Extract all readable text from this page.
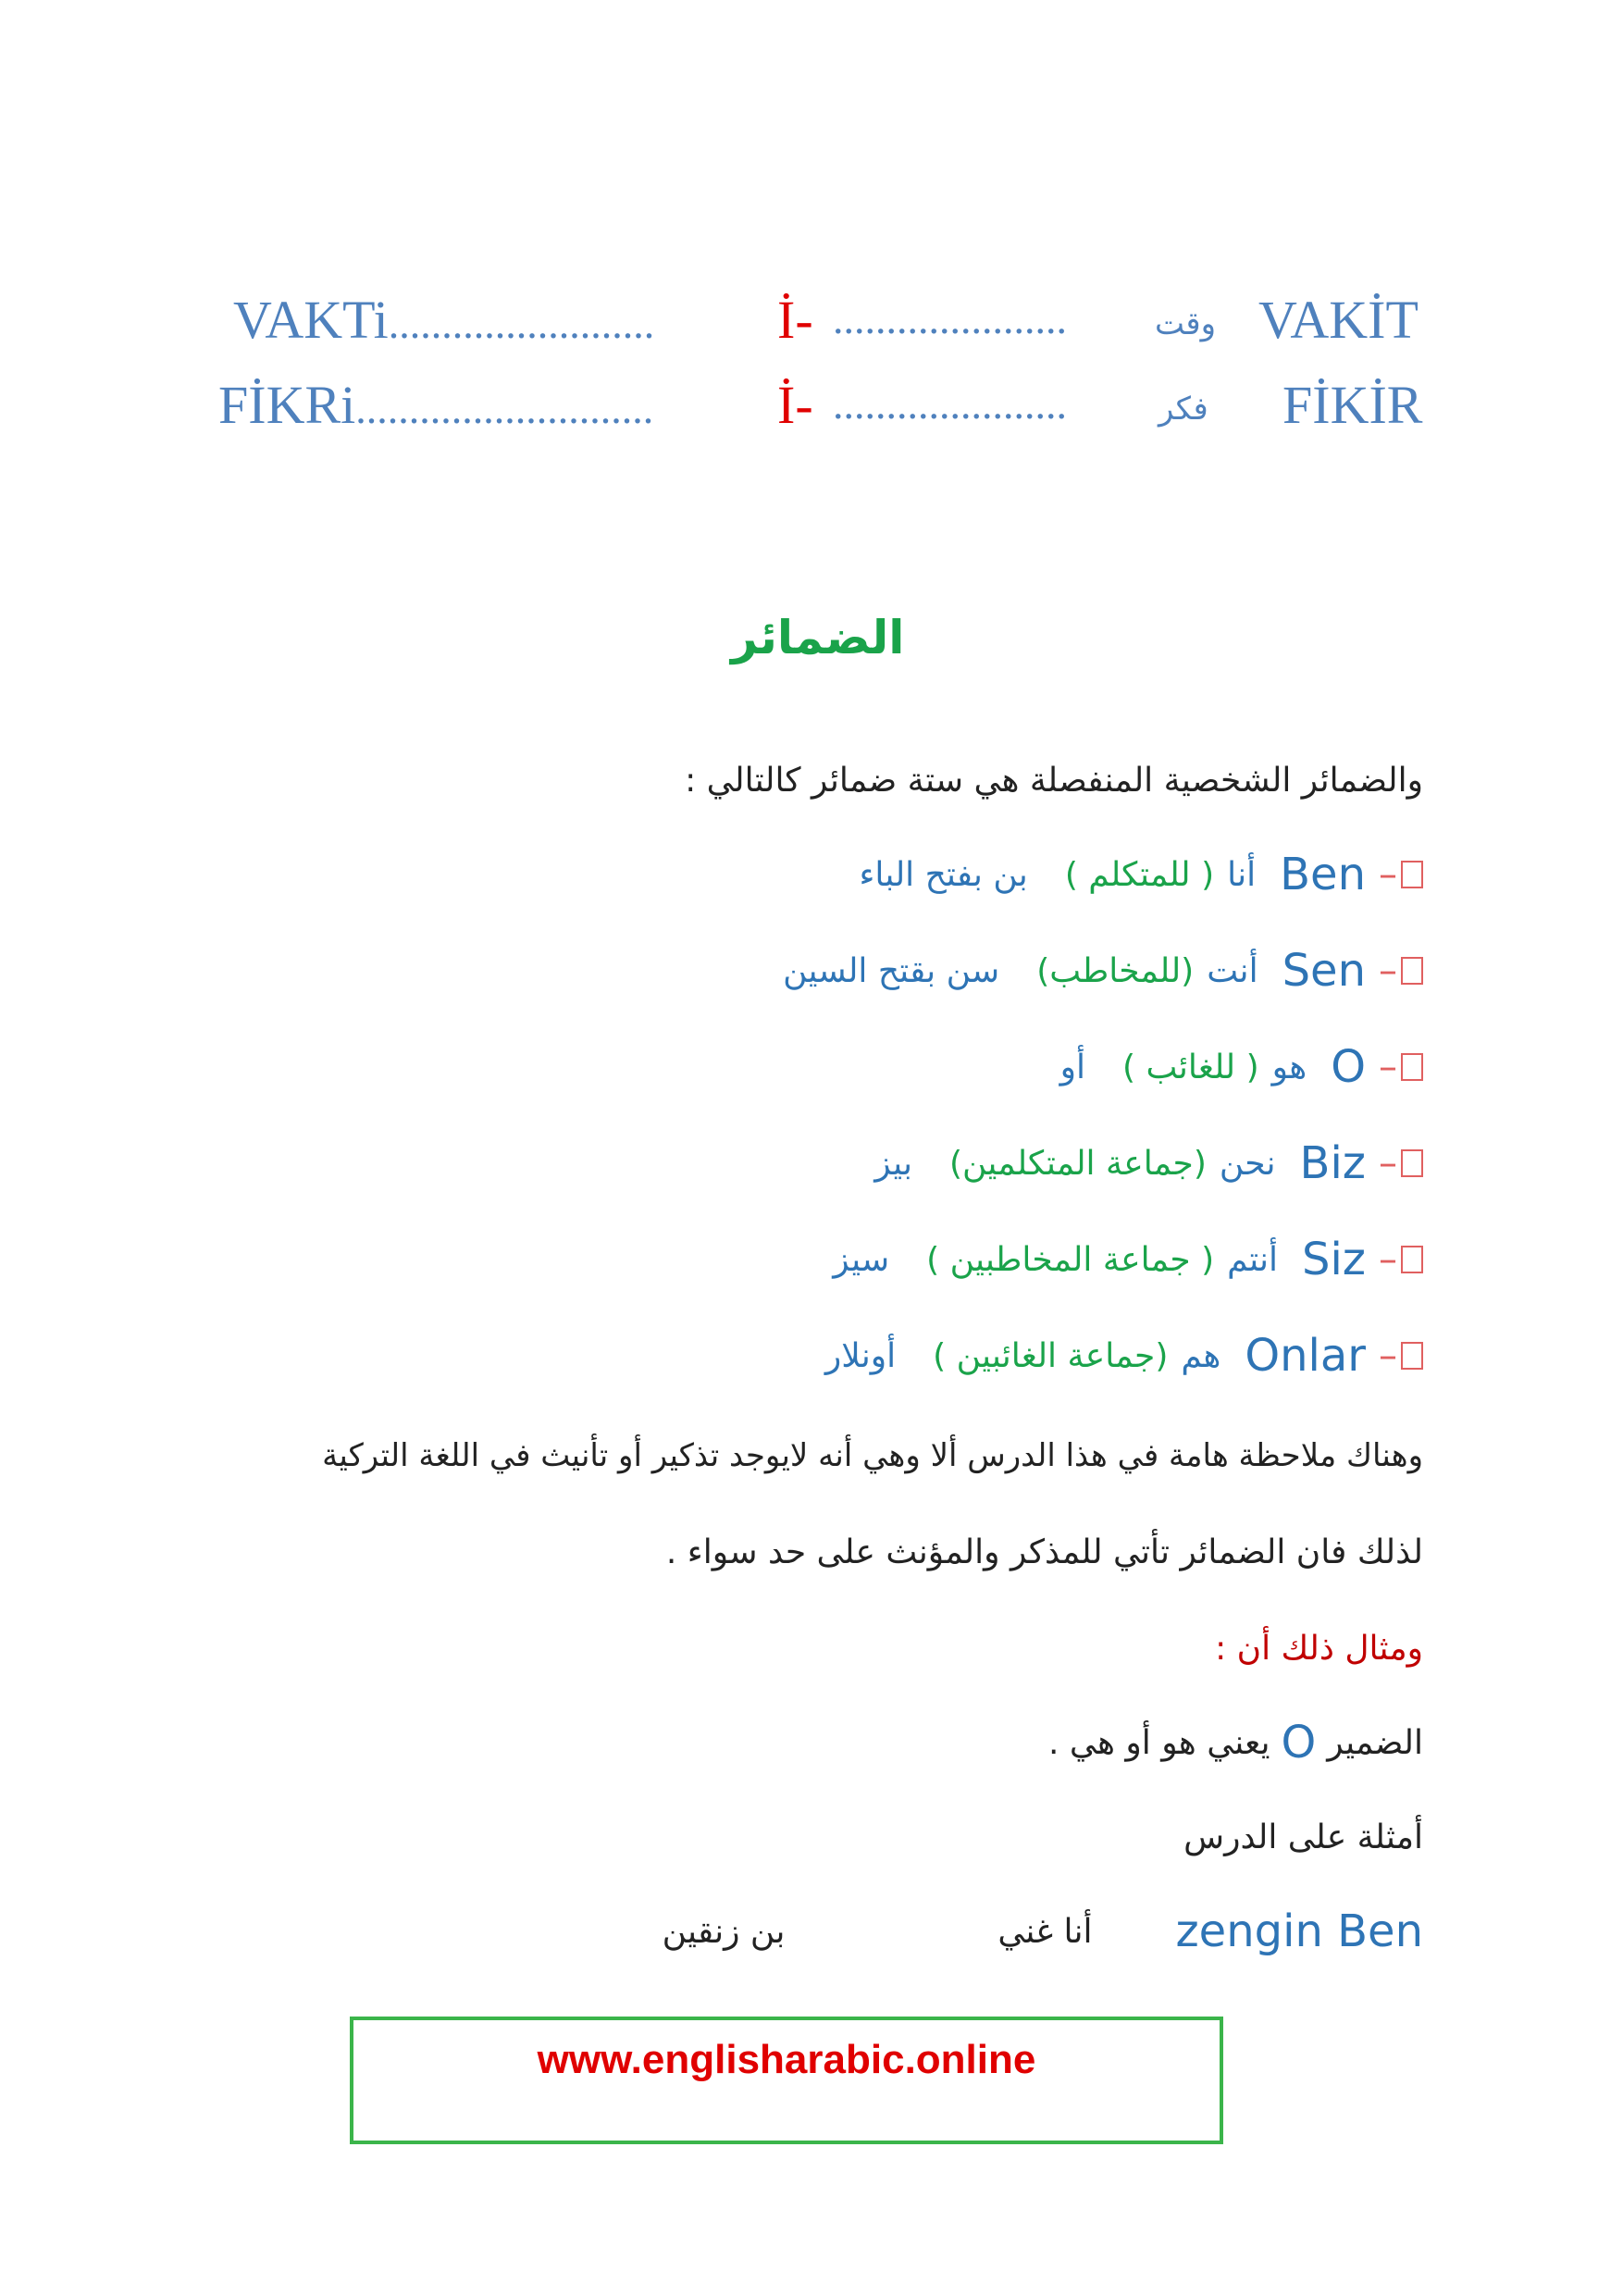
VAKİT
وقت
......................
İ-
VAKTi.........................
FİKİR
فكر
......................
İ-
FİKRi............................
الضمائر
والضمائر الشخصية المنفصلة هي ستة ضمائر كالتالي :
–
Ben
أنا
( للمتكلم )
بن بفتح الباء
–
Sen
أنت
(للمخاطب)
سن بقتح السين
–
O
هو
( للغائب )
أو
–
Biz
نحن
(جماعة المتكلمين)
بيز
–
Siz
أنتم
( جماعة المخاطبين )
سيز
–
Onlar
هم
(جماعة الغائبين )
أونلار
وهناك ملاحظة هامة في هذا الدرس ألا وهي أنه لايوجد تذكير أو تأنيث في اللغة التركية
لذلك فان الضمائر تأتي للمذكر والمؤنث على حد سواء .
ومثال ذلك أن :
الضمير
O
يعني هو أو هي .
أمثلة على الدرس
zengin Ben
أنا غني
بن زنقين
www.englisharabic.online
